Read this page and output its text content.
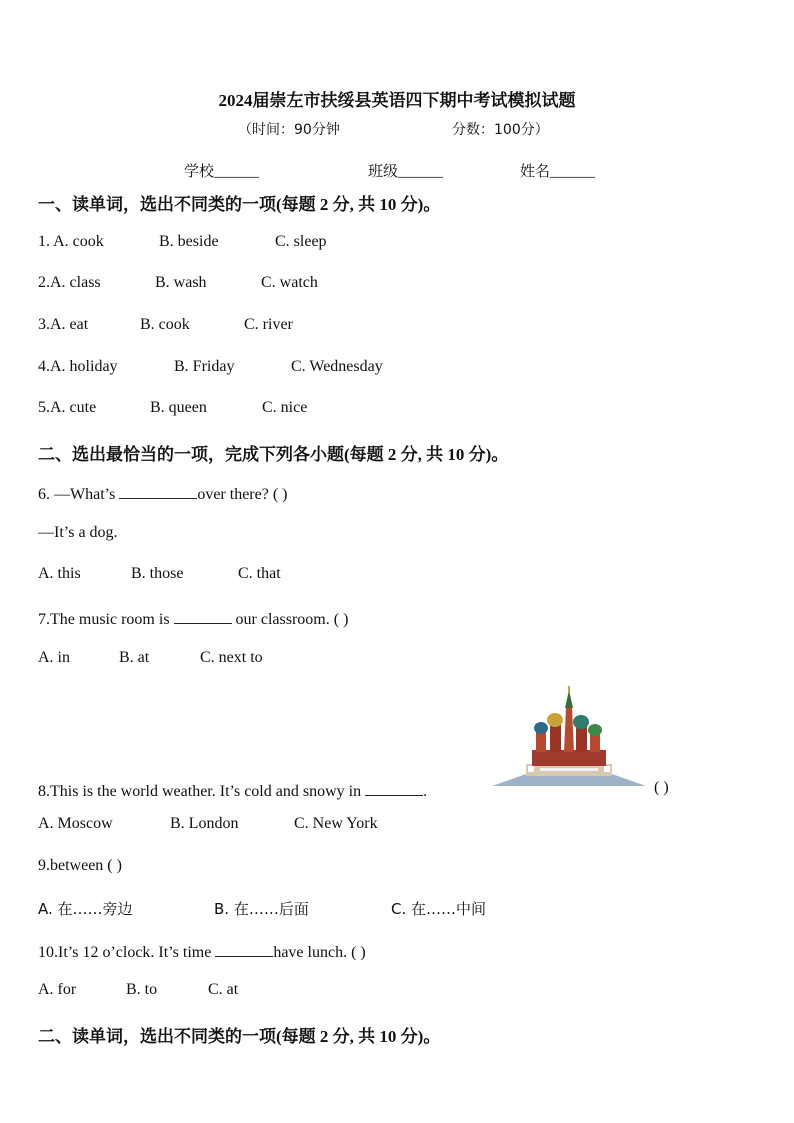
2024届崇左市扶绥县英语四下期中考试模拟试题
（时间：90分钟	分数：100分）
学校______	班级______	姓名______
一、读单词，选出不同类的一项(每题 2 分, 共 10 分)。
1. A. cook	B. beside	C. sleep
2.A. class	B. wash	C. watch
3.A. eat	B. cook	C. river
4.A. holiday	B. Friday	C. Wednesday
5.A. cute	B. queen	C. nice
二、选出最恰当的一项，完成下列各小题(每题 2 分, 共 10 分)。
6. —What’s	over there? ( )
—It’s a dog.
A. this	B. those	C. that
7.The music room is	our classroom. ( )
A. in	B. at	C. next to
8.This is the world weather. It’s cold and snowy in	.	( )
A. Moscow	B. London	C. New York
9.between ( )
A. 在……旁边	B. 在……后面	C. 在……中间
10.It’s 12 o’clock. It’s time	have lunch. ( )
A. for	B. to	C. at
二、读单词，选出不同类的一项(每题 2 分, 共 10 分)。
